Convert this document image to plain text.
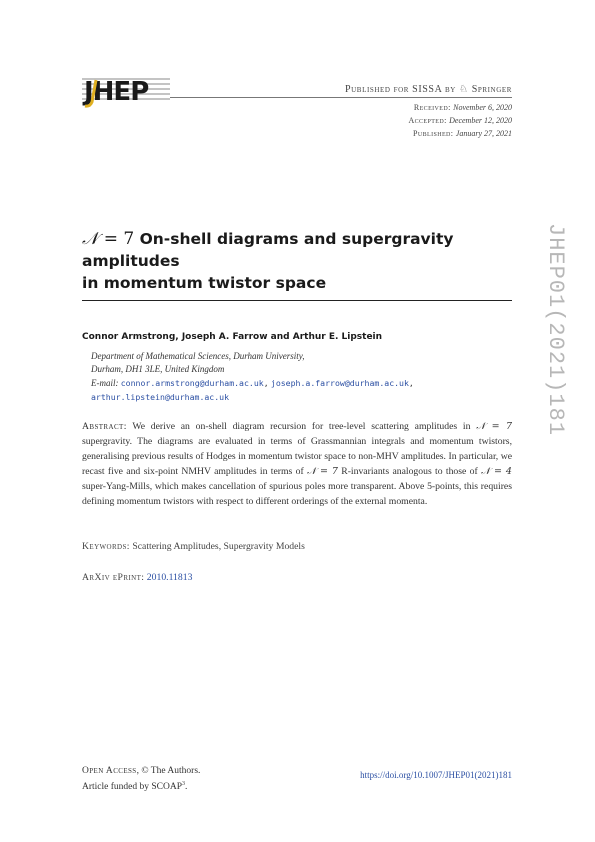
JHEP	Published for SISSA by ♘ Springer
Received: November 6, 2020
Accepted: December 12, 2020
Published: January 27, 2021
𝒩 = 7 On-shell diagrams and supergravity amplitudes
in momentum twistor space
Connor Armstrong, Joseph A. Farrow and Arthur E. Lipstein
Department of Mathematical Sciences, Durham University,
Durham, DH1 3LE, United Kingdom
E-mail: connor.armstrong@durham.ac.uk, joseph.a.farrow@durham.ac.uk,
arthur.lipstein@durham.ac.uk
Abstract: We derive an on-shell diagram recursion for tree-level scattering amplitudes in 𝒩 = 7 supergravity. The diagrams are evaluated in terms of Grassmannian integrals and momentum twistors, generalising previous results of Hodges in momentum twistor space to non-MHV amplitudes. In particular, we recast five and six-point NMHV amplitudes in terms of 𝒩 = 7 R-invariants analogous to those of 𝒩 = 4 super-Yang-Mills, which makes cancellation of spurious poles more transparent. Above 5-points, this requires defining momentum twistors with respect to different orderings of the external momenta.
Keywords: Scattering Amplitudes, Supergravity Models
ArXiv ePrint: 2010.11813
JHEP01(2021)181
Open Access, © The Authors.
Article funded by SCOAP$^3$.
https://doi.org/10.1007/JHEP01(2021)181
